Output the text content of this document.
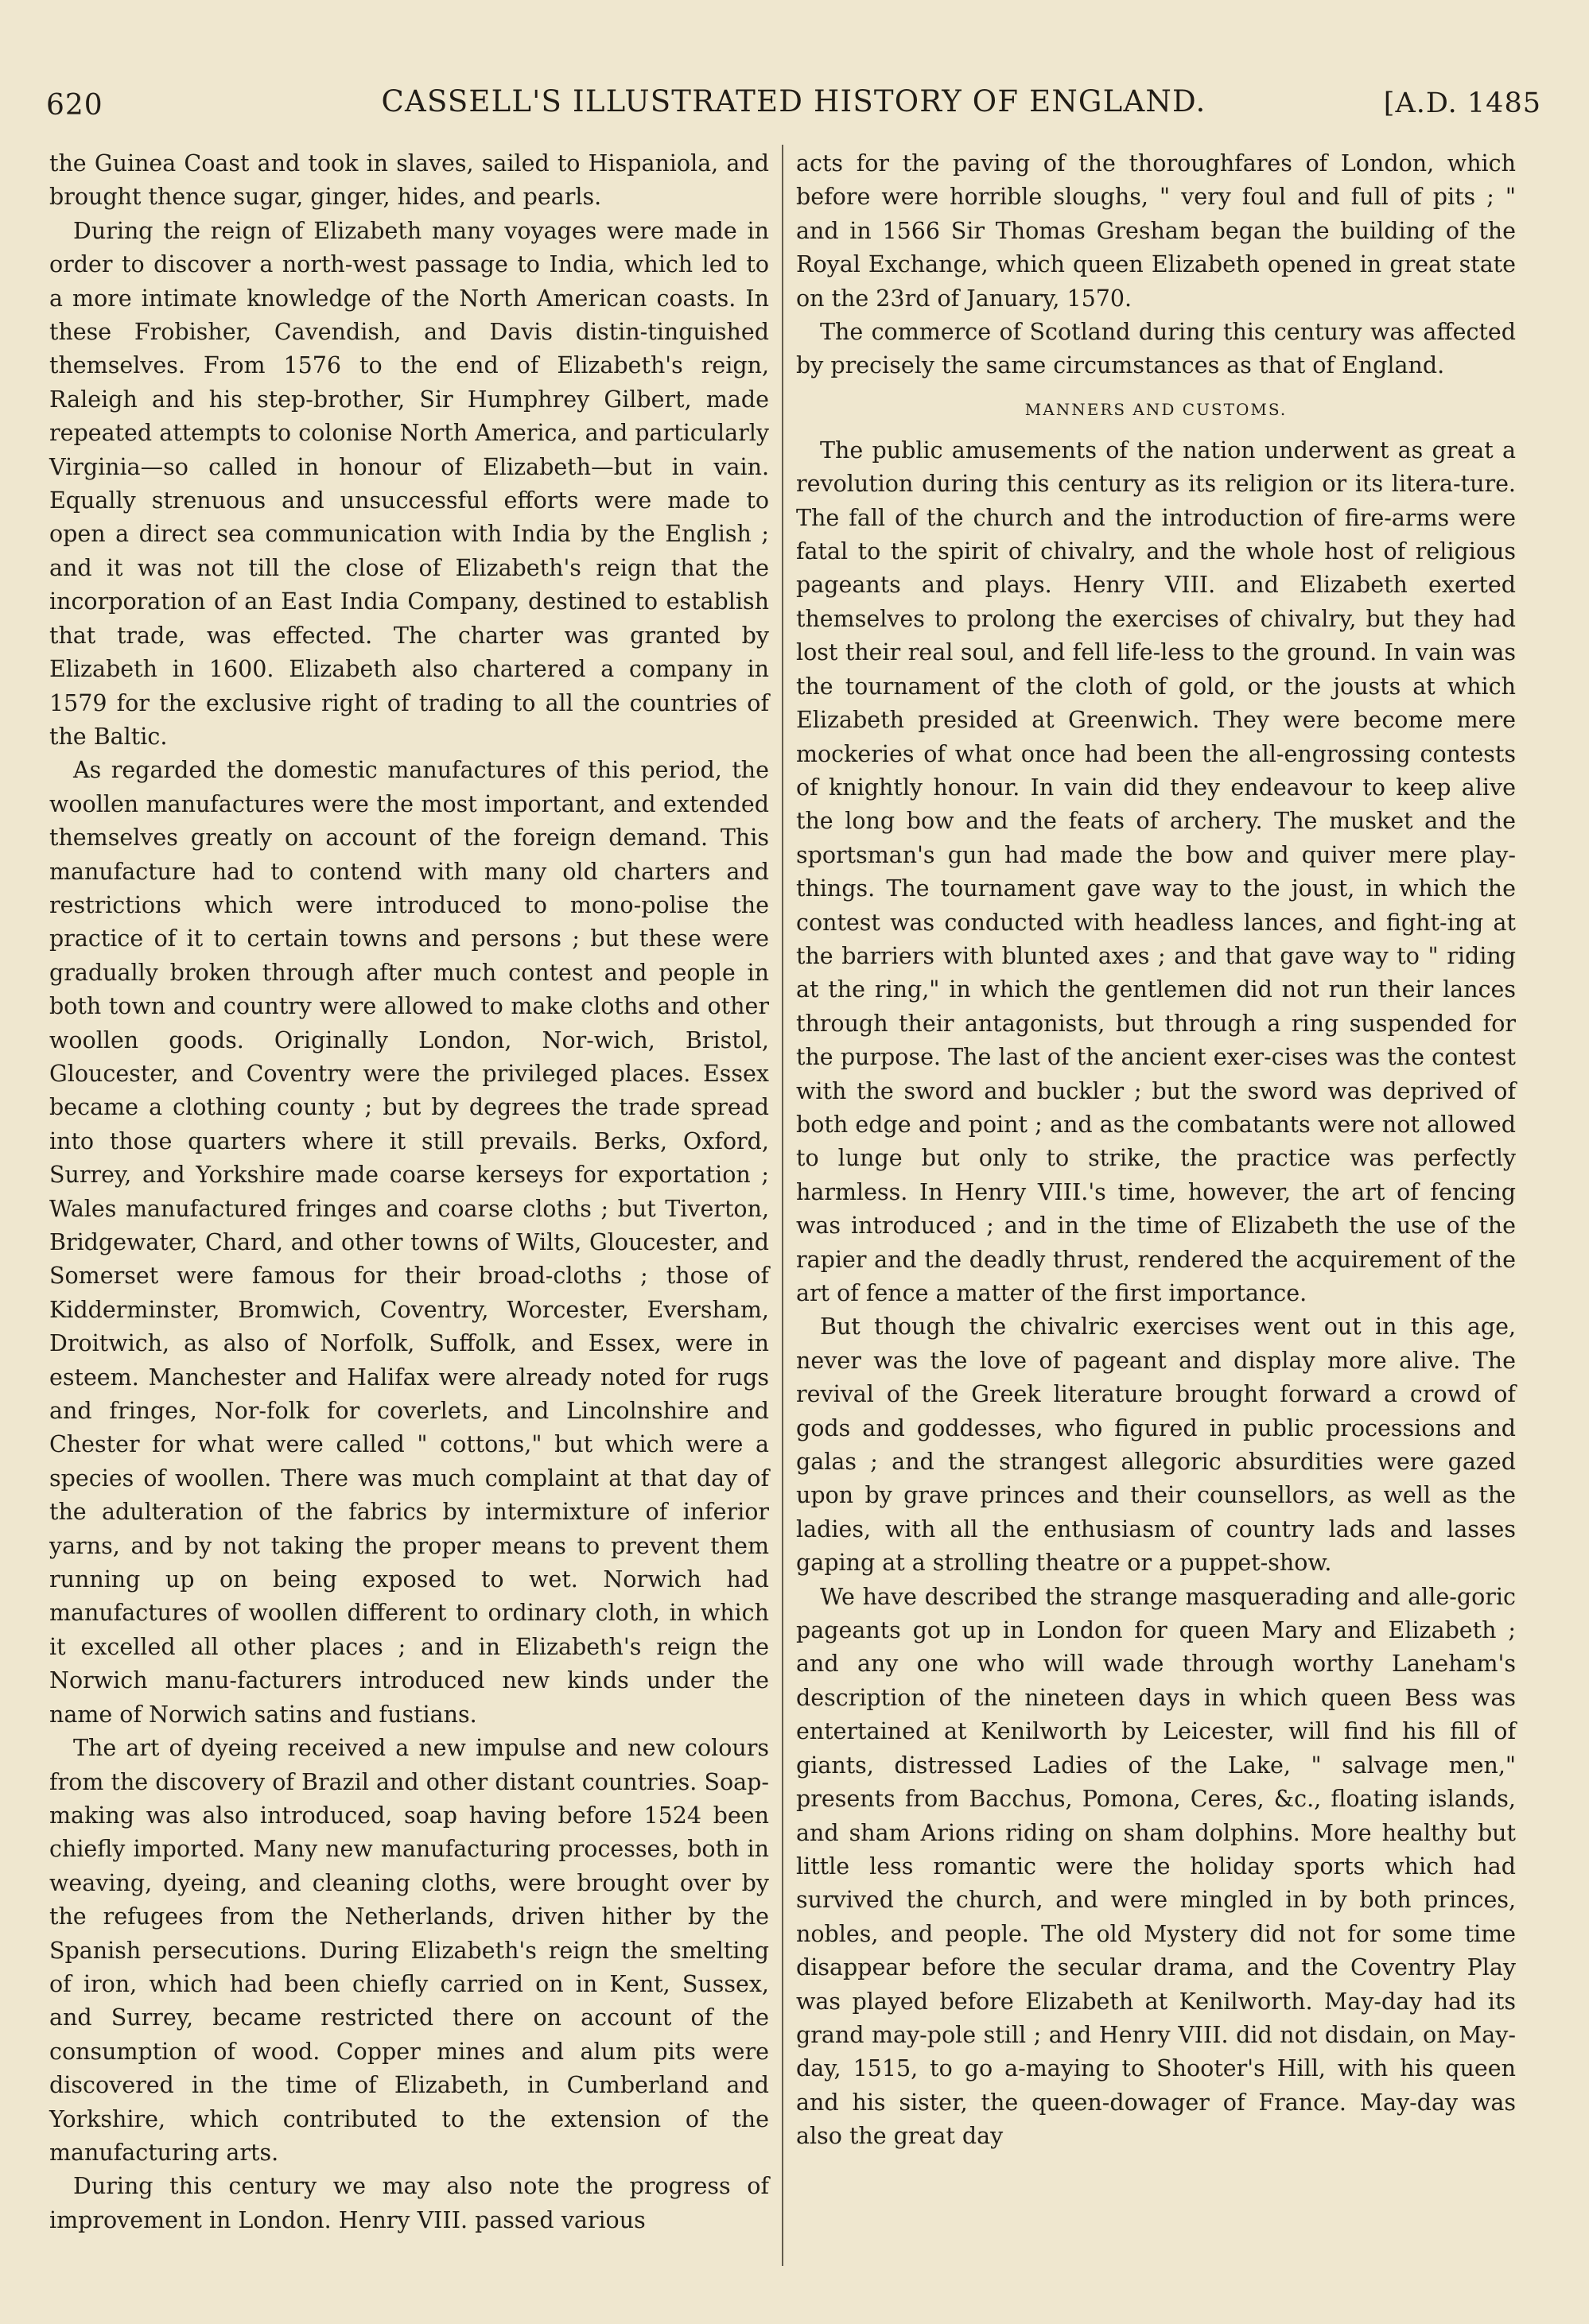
620	CASSELL'S ILLUSTRATED HISTORY OF ENGLAND.	[A.D. 1485

the Guinea Coast and took in slaves, sailed to Hispaniola, and brought thence sugar, ginger, hides, and pearls.

During the reign of Elizabeth many voyages were made in order to discover a north-west passage to India, which led to a more intimate knowledge of the North American coasts. In these Frobisher, Cavendish, and Davis distin-tinguished themselves. From 1576 to the end of Elizabeth's reign, Raleigh and his step-brother, Sir Humphrey Gilbert, made repeated attempts to colonise North America, and particularly Virginia—so called in honour of Elizabeth—but in vain. Equally strenuous and unsuccessful efforts were made to open a direct sea communication with India by the English ; and it was not till the close of Elizabeth's reign that the incorporation of an East India Company, destined to establish that trade, was effected. The charter was granted by Elizabeth in 1600. Elizabeth also chartered a company in 1579 for the exclusive right of trading to all the countries of the Baltic.

As regarded the domestic manufactures of this period, the woollen manufactures were the most important, and extended themselves greatly on account of the foreign demand. This manufacture had to contend with many old charters and restrictions which were introduced to mono-polise the practice of it to certain towns and persons ; but these were gradually broken through after much contest and people in both town and country were allowed to make cloths and other woollen goods. Originally London, Nor-wich, Bristol, Gloucester, and Coventry were the privileged places. Essex became a clothing county ; but by degrees the trade spread into those quarters where it still prevails. Berks, Oxford, Surrey, and Yorkshire made coarse kerseys for exportation ; Wales manufactured fringes and coarse cloths ; but Tiverton, Bridgewater, Chard, and other towns of Wilts, Gloucester, and Somerset were famous for their broad-cloths ; those of Kidderminster, Bromwich, Coventry, Worcester, Eversham, Droitwich, as also of Norfolk, Suffolk, and Essex, were in esteem. Manchester and Halifax were already noted for rugs and fringes, Nor-folk for coverlets, and Lincolnshire and Chester for what were called " cottons," but which were a species of woollen. There was much complaint at that day of the adulteration of the fabrics by intermixture of inferior yarns, and by not taking the proper means to prevent them running up on being exposed to wet. Norwich had manufactures of woollen different to ordinary cloth, in which it excelled all other places ; and in Elizabeth's reign the Norwich manu-facturers introduced new kinds under the name of Norwich satins and fustians.

The art of dyeing received a new impulse and new colours from the discovery of Brazil and other distant countries. Soap-making was also introduced, soap having before 1524 been chiefly imported. Many new manufacturing processes, both in weaving, dyeing, and cleaning cloths, were brought over by the refugees from the Netherlands, driven hither by the Spanish persecutions. During Elizabeth's reign the smelting of iron, which had been chiefly carried on in Kent, Sussex, and Surrey, became restricted there on account of the consumption of wood. Copper mines and alum pits were discovered in the time of Elizabeth, in Cumberland and Yorkshire, which contributed to the extension of the manufacturing arts.

During this century we may also note the progress of improvement in London. Henry VIII. passed various

acts for the paving of the thoroughfares of London, which before were horrible sloughs, " very foul and full of pits ; " and in 1566 Sir Thomas Gresham began the building of the Royal Exchange, which queen Elizabeth opened in great state on the 23rd of January, 1570.

The commerce of Scotland during this century was affected by precisely the same circumstances as that of England.

MANNERS AND CUSTOMS.

The public amusements of the nation underwent as great a revolution during this century as its religion or its litera-ture. The fall of the church and the introduction of fire-arms were fatal to the spirit of chivalry, and the whole host of religious pageants and plays. Henry VIII. and Elizabeth exerted themselves to prolong the exercises of chivalry, but they had lost their real soul, and fell life-less to the ground. In vain was the tournament of the cloth of gold, or the jousts at which Elizabeth presided at Greenwich. They were become mere mockeries of what once had been the all-engrossing contests of knightly honour. In vain did they endeavour to keep alive the long bow and the feats of archery. The musket and the sportsman's gun had made the bow and quiver mere play-things. The tournament gave way to the joust, in which the contest was conducted with headless lances, and fight-ing at the barriers with blunted axes ; and that gave way to " riding at the ring," in which the gentlemen did not run their lances through their antagonists, but through a ring suspended for the purpose. The last of the ancient exer-cises was the contest with the sword and buckler ; but the sword was deprived of both edge and point ; and as the combatants were not allowed to lunge but only to strike, the practice was perfectly harmless. In Henry VIII.'s time, however, the art of fencing was introduced ; and in the time of Elizabeth the use of the rapier and the deadly thrust, rendered the acquirement of the art of fence a matter of the first importance.

But though the chivalric exercises went out in this age, never was the love of pageant and display more alive. The revival of the Greek literature brought forward a crowd of gods and goddesses, who figured in public processions and galas ; and the strangest allegoric absurdities were gazed upon by grave princes and their counsellors, as well as the ladies, with all the enthusiasm of country lads and lasses gaping at a strolling theatre or a puppet-show.

We have described the strange masquerading and alle-goric pageants got up in London for queen Mary and Elizabeth ; and any one who will wade through worthy Laneham's description of the nineteen days in which queen Bess was entertained at Kenilworth by Leicester, will find his fill of giants, distressed Ladies of the Lake, " salvage men," presents from Bacchus, Pomona, Ceres, &c., floating islands, and sham Arions riding on sham dolphins. More healthy but little less romantic were the holiday sports which had survived the church, and were mingled in by both princes, nobles, and people. The old Mystery did not for some time disappear before the secular drama, and the Coventry Play was played before Elizabeth at Kenilworth. May-day had its grand may-pole still ; and Henry VIII. did not disdain, on May-day, 1515, to go a-maying to Shooter's Hill, with his queen and his sister, the queen-dowager of France. May-day was also the great day
